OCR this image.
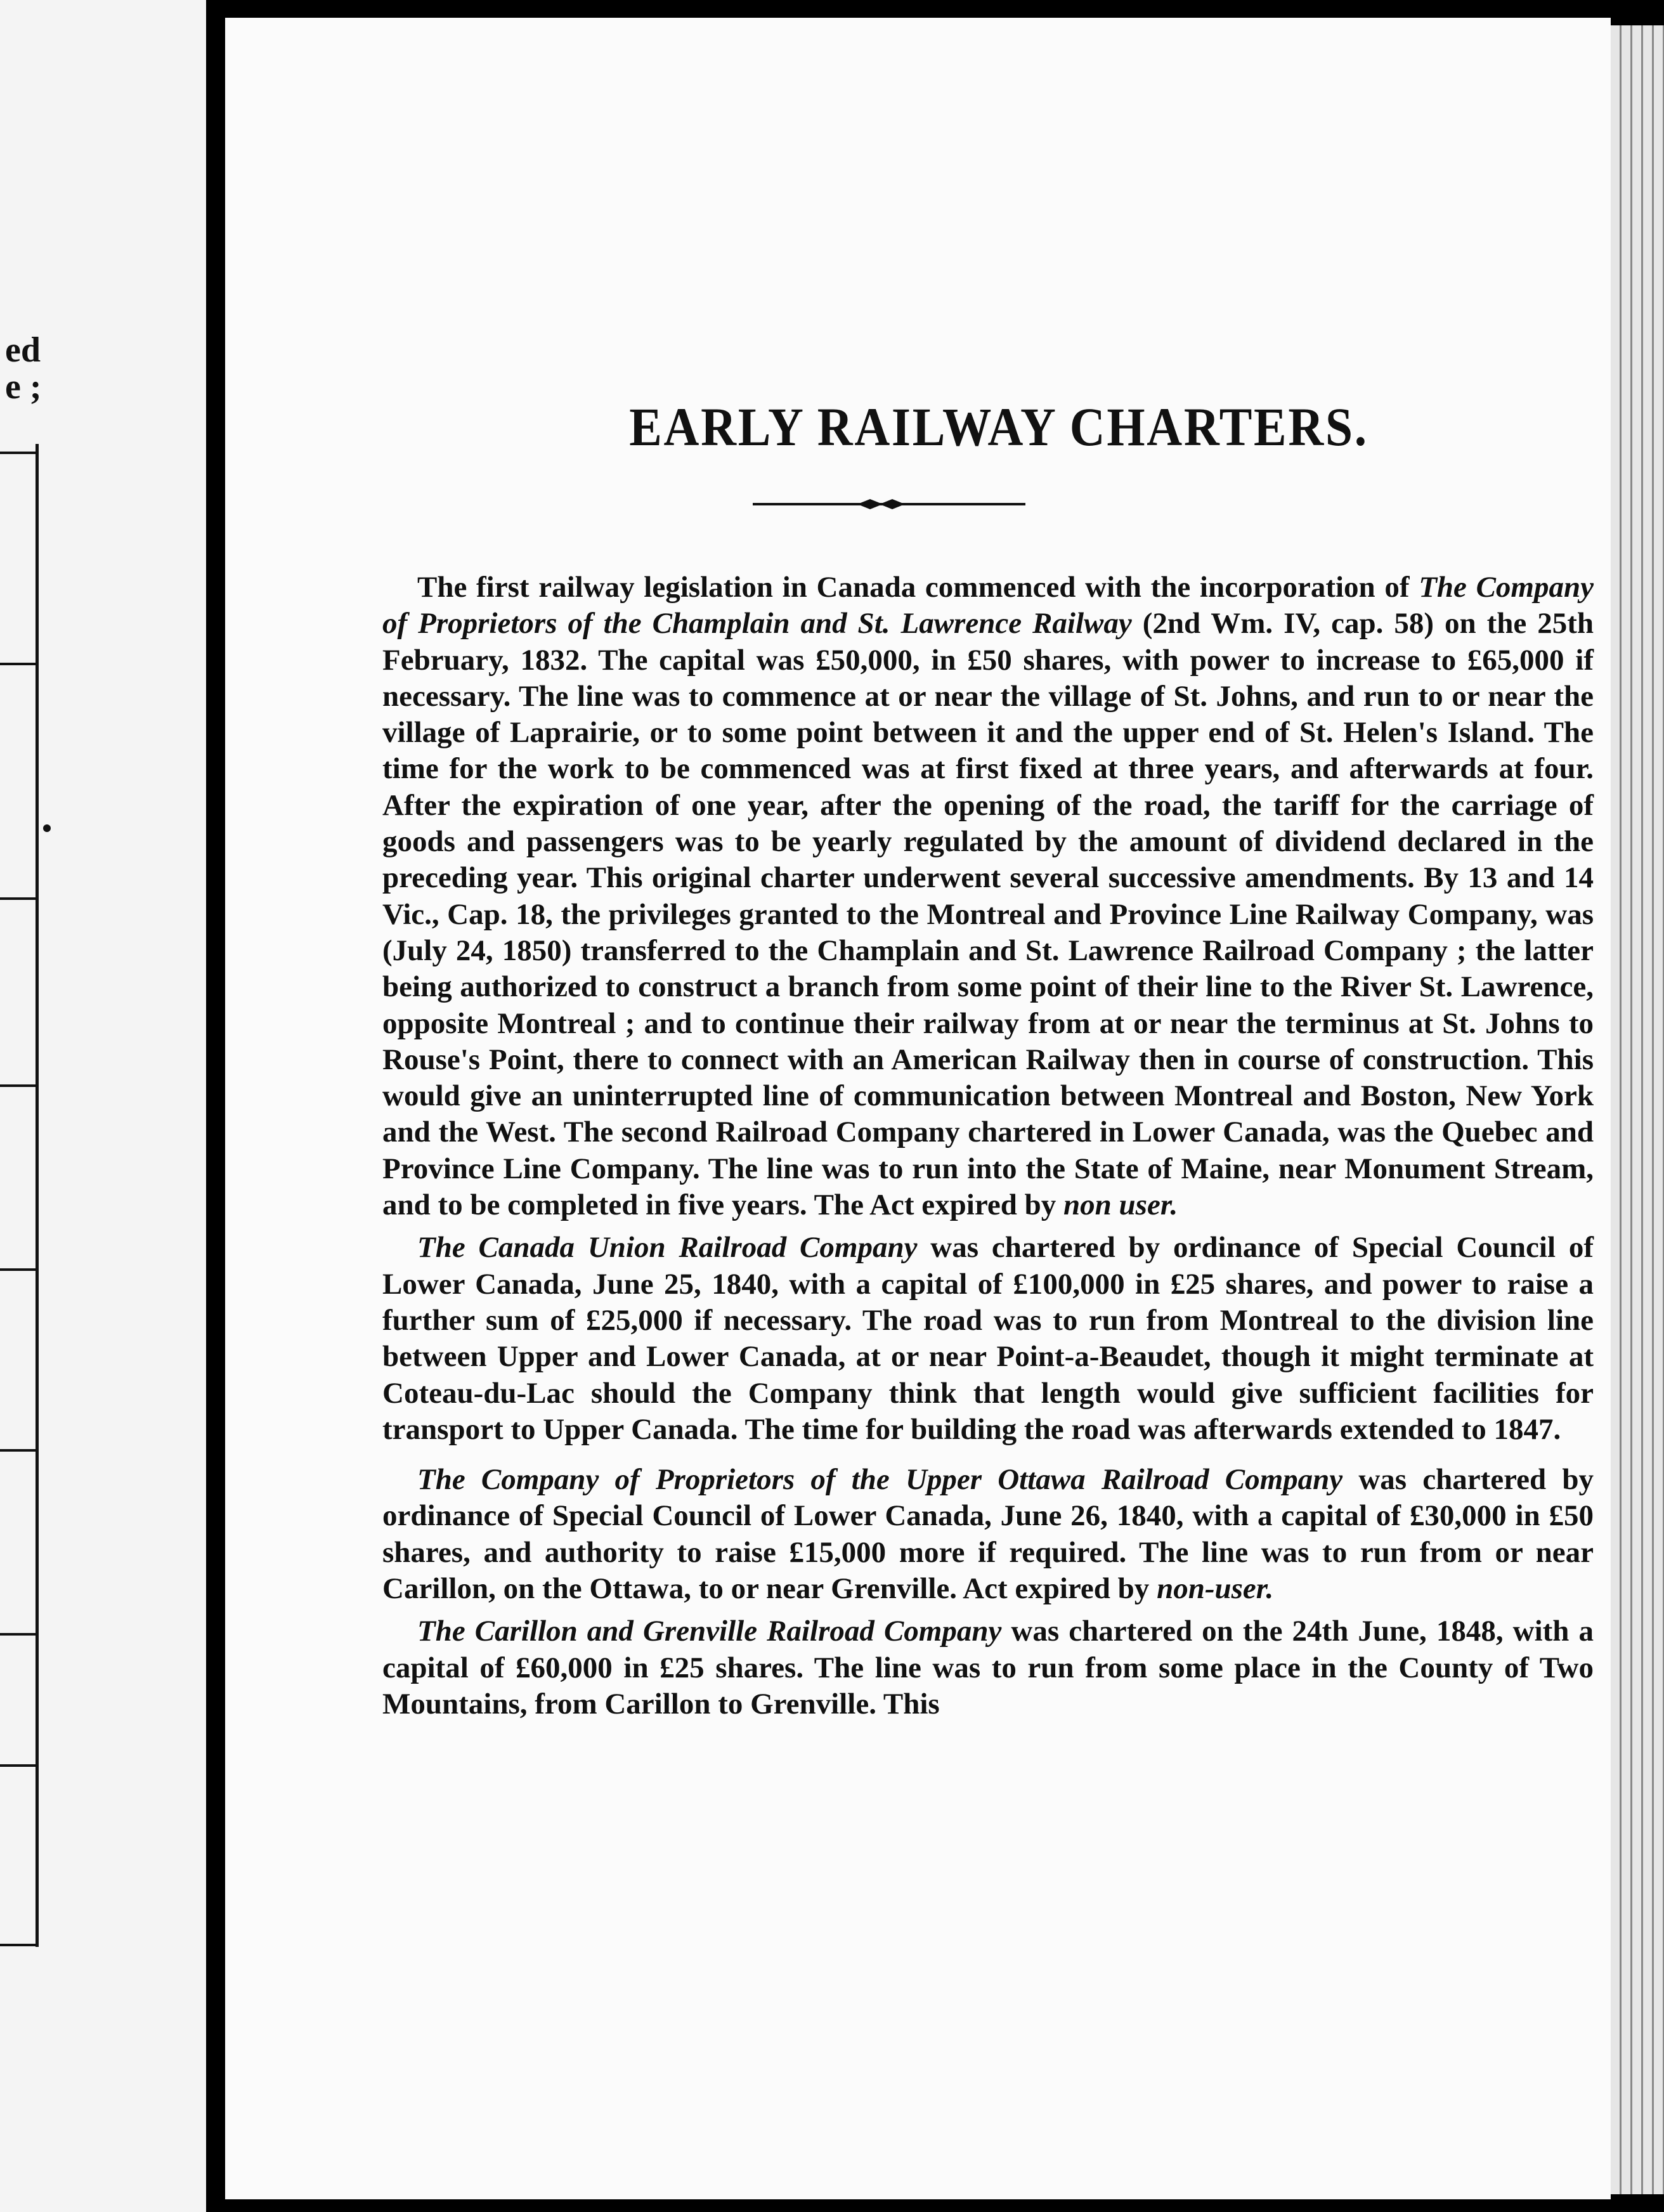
ed
e ;
EARLY RAILWAY CHARTERS.

The first railway legislation in Canada commenced with the incorporation of The Company of Proprietors of the Champlain and St. Lawrence Railway (2nd Wm. IV, cap. 58) on the 25th February, 1832. The capital was £50,000, in £50 shares, with power to increase to £65,000 if necessary. The line was to commence at or near the village of St. Johns, and run to or near the village of Laprairie, or to some point between it and the upper end of St. Helen's Island. The time for the work to be commenced was at first fixed at three years, and afterwards at four. After the expiration of one year, after the opening of the road, the tariff for the carriage of goods and passengers was to be yearly regulated by the amount of dividend declared in the preceding year. This original charter underwent several successive amendments. By 13 and 14 Vic., Cap. 18, the privileges granted to the Montreal and Province Line Railway Company, was (July 24, 1850) transferred to the Champlain and St. Lawrence Railroad Company ; the latter being authorized to construct a branch from some point of their line to the River St. Lawrence, opposite Montreal ; and to continue their railway from at or near the terminus at St. Johns to Rouse's Point, there to connect with an American Railway then in course of construction. This would give an uninterrupted line of communication between Montreal and Boston, New York and the West. The second Railroad Company chartered in Lower Canada, was the Quebec and Province Line Company. The line was to run into the State of Maine, near Monument Stream, and to be completed in five years. The Act expired by non user.

The Canada Union Railroad Company was chartered by ordinance of Special Council of Lower Canada, June 25, 1840, with a capital of £100,000 in £25 shares, and power to raise a further sum of £25,000 if necessary. The road was to run from Montreal to the division line between Upper and Lower Canada, at or near Point-a-Beaudet, though it might terminate at Coteau-du-Lac should the Company think that length would give sufficient facilities for transport to Upper Canada. The time for building the road was afterwards extended to 1847.

The Company of Proprietors of the Upper Ottawa Railroad Company was chartered by ordinance of Special Council of Lower Canada, June 26, 1840, with a capital of £30,000 in £50 shares, and authority to raise £15,000 more if required. The line was to run from or near Carillon, on the Ottawa, to or near Grenville. Act expired by non-user.

The Carillon and Grenville Railroad Company was chartered on the 24th June, 1848, with a capital of £60,000 in £25 shares. The line was to run from some place in the County of Two Mountains, from Carillon to Grenville. This
